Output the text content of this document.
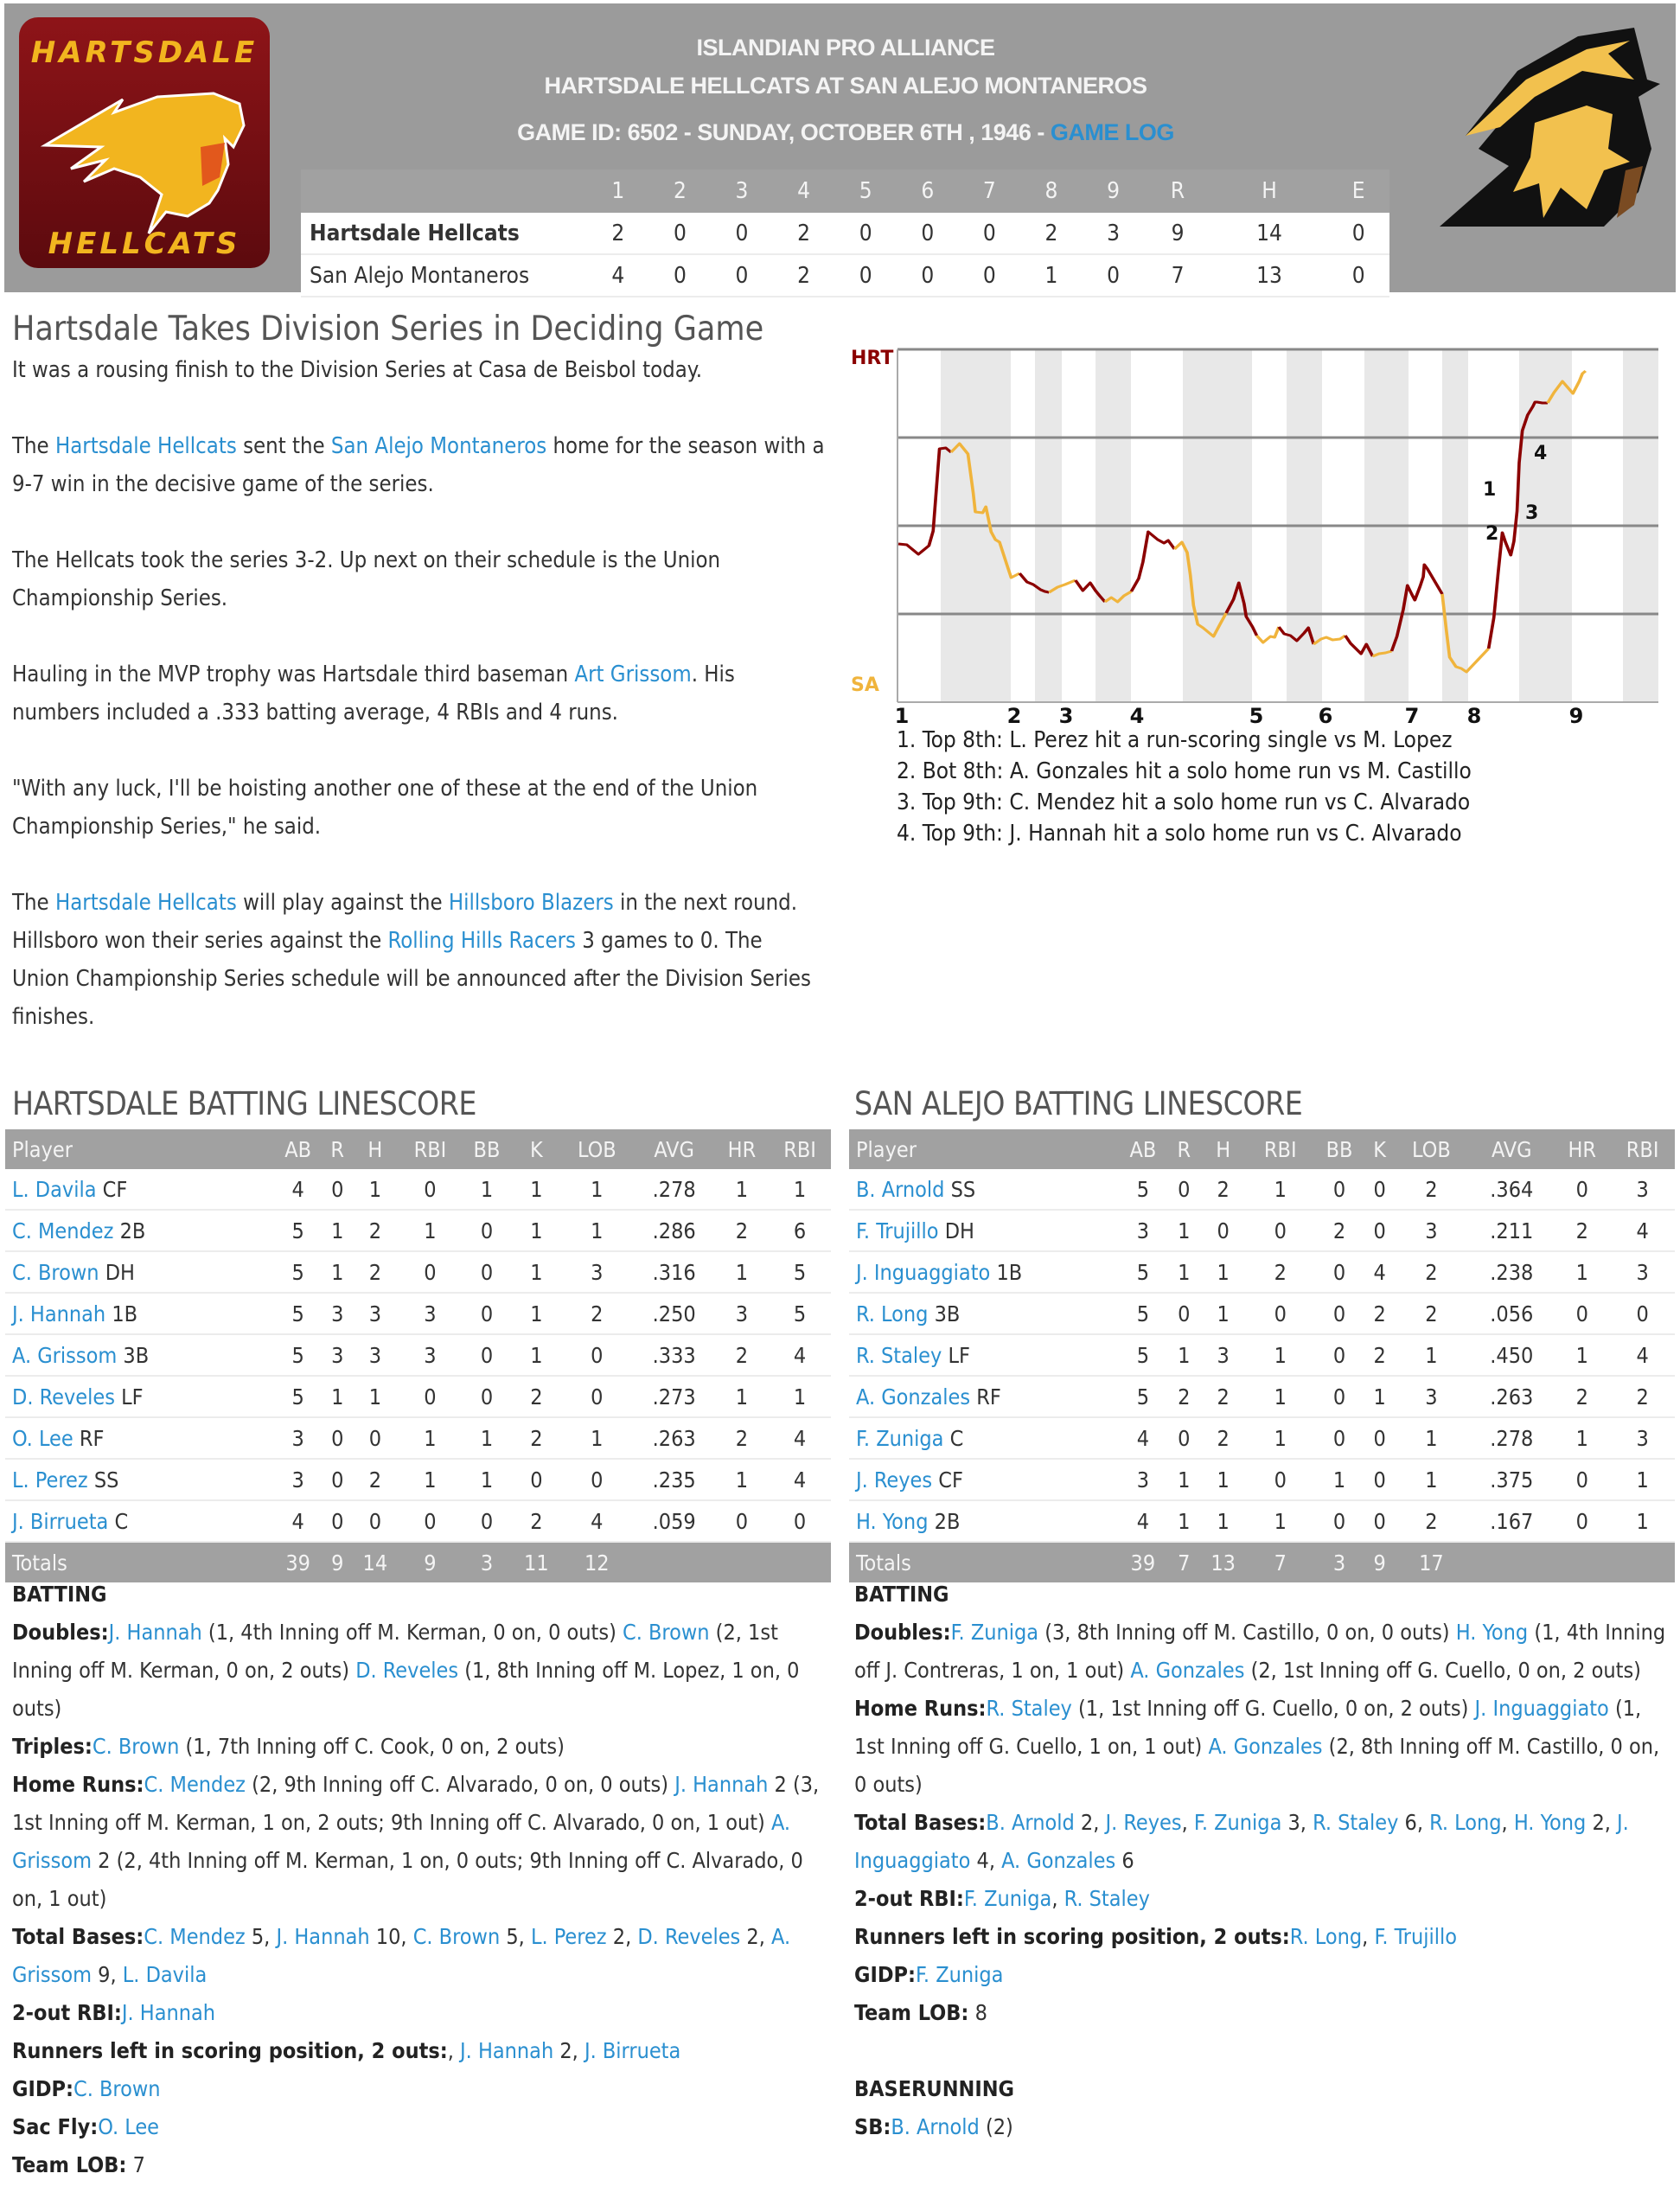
HARTSDALE
HELLCATS
ISLANDIAN PRO ALLIANCE
HARTSDALE HELLCATS AT SAN ALEJO MONTANEROS
GAME ID: 6502 - SUNDAY, OCTOBER 6TH , 1946 - GAME LOG
	1	2	3	4	5	6	7	8	9	R	H	E
Hartsdale Hellcats	2	0	0	2	0	0	0	2	3	9	14	0
San Alejo Montaneros	4	0	0	2	0	0	0	1	0	7	13	0
Hartsdale Takes Division Series in Deciding Game

It was a rousing finish to the Division Series at Casa de Beisbol today.

The Hartsdale Hellcats sent the San Alejo Montaneros home for the season with a 9-7 win in the decisive game of the series.

The Hellcats took the series 3-2. Up next on their schedule is the Union Championship Series.

Hauling in the MVP trophy was Hartsdale third baseman Art Grissom. His numbers included a .333 batting average, 4 RBIs and 4 runs.

"With any luck, I'll be hoisting another one of these at the end of the Union Championship Series," he said.

The Hartsdale Hellcats will play against the Hillsboro Blazers in the next round. Hillsboro won their series against the Rolling Hills Racers 3 games to 0. The Union Championship Series schedule will be announced after the Division Series finishes.

1
2
3
4
HRT
SA
1	2 3	4	5	6	7 8	9
1. Top 8th: L. Perez hit a run-scoring single vs M. Lopez
2. Bot 8th: A. Gonzales hit a solo home run vs M. Castillo
3. Top 9th: C. Mendez hit a solo home run vs C. Alvarado
4. Top 9th: J. Hannah hit a solo home run vs C. Alvarado
HARTSDALE BATTING LINESCORE
Player	AB	R	H	RBI	BB	K	LOB	AVG	HR	RBI
L. Davila CF	4	0	1	0	1	1	1	.278	1	1
C. Mendez 2B	5	1	2	1	0	1	1	.286	2	6
C. Brown DH	5	1	2	0	0	1	3	.316	1	5
J. Hannah 1B	5	3	3	3	0	1	2	.250	3	5
A. Grissom 3B	5	3	3	3	0	1	0	.333	2	4
D. Reveles LF	5	1	1	0	0	2	0	.273	1	1
O. Lee RF	3	0	0	1	1	2	1	.263	2	4
L. Perez SS	3	0	2	1	1	0	0	.235	1	4
J. Birrueta C	4	0	0	0	0	2	4	.059	0	0
Totals	39	9	14	9	3	11	12			
SAN ALEJO BATTING LINESCORE
Player	AB	R	H	RBI	BB	K	LOB	AVG	HR	RBI
B. Arnold SS	5	0	2	1	0	0	2	.364	0	3
F. Trujillo DH	3	1	0	0	2	0	3	.211	2	4
J. Inguaggiato 1B	5	1	1	2	0	4	2	.238	1	3
R. Long 3B	5	0	1	0	0	2	2	.056	0	0
R. Staley LF	5	1	3	1	0	2	1	.450	1	4
A. Gonzales RF	5	2	2	1	0	1	3	.263	2	2
F. Zuniga C	4	0	2	1	0	0	1	.278	1	3
J. Reyes CF	3	1	1	0	1	0	1	.375	0	1
H. Yong 2B	4	1	1	1	0	0	2	.167	0	1
Totals	39	7	13	7	3	9	17			
BATTING
Doubles:J. Hannah (1, 4th Inning off M. Kerman, 0 on, 0 outs) C. Brown (2, 1st Inning off M. Kerman, 0 on, 2 outs) D. Reveles (1, 8th Inning off M. Lopez, 1 on, 0 outs)
Triples:C. Brown (1, 7th Inning off C. Cook, 0 on, 2 outs)
Home Runs:C. Mendez (2, 9th Inning off C. Alvarado, 0 on, 0 outs) J. Hannah 2 (3, 1st Inning off M. Kerman, 1 on, 2 outs; 9th Inning off C. Alvarado, 0 on, 1 out) A. Grissom 2 (2, 4th Inning off M. Kerman, 1 on, 0 outs; 9th Inning off C. Alvarado, 0 on, 1 out)
Total Bases:C. Mendez 5, J. Hannah 10, C. Brown 5, L. Perez 2, D. Reveles 2, A. Grissom 9, L. Davila
2-out RBI:J. Hannah
Runners left in scoring position, 2 outs:, J. Hannah 2, J. Birrueta
GIDP:C. Brown
Sac Fly:O. Lee
Team LOB: 7
BATTING
Doubles:F. Zuniga (3, 8th Inning off M. Castillo, 0 on, 0 outs) H. Yong (1, 4th Inning off J. Contreras, 1 on, 1 out) A. Gonzales (2, 1st Inning off G. Cuello, 0 on, 2 outs)
Home Runs:R. Staley (1, 1st Inning off G. Cuello, 0 on, 2 outs) J. Inguaggiato (1, 1st Inning off G. Cuello, 1 on, 1 out) A. Gonzales (2, 8th Inning off M. Castillo, 0 on, 0 outs)
Total Bases:B. Arnold 2, J. Reyes, F. Zuniga 3, R. Staley 6, R. Long, H. Yong 2, J. Inguaggiato 4, A. Gonzales 6
2-out RBI:F. Zuniga, R. Staley
Runners left in scoring position, 2 outs:R. Long, F. Trujillo
GIDP:F. Zuniga
Team LOB: 8
BASERUNNING
SB:B. Arnold (2)
